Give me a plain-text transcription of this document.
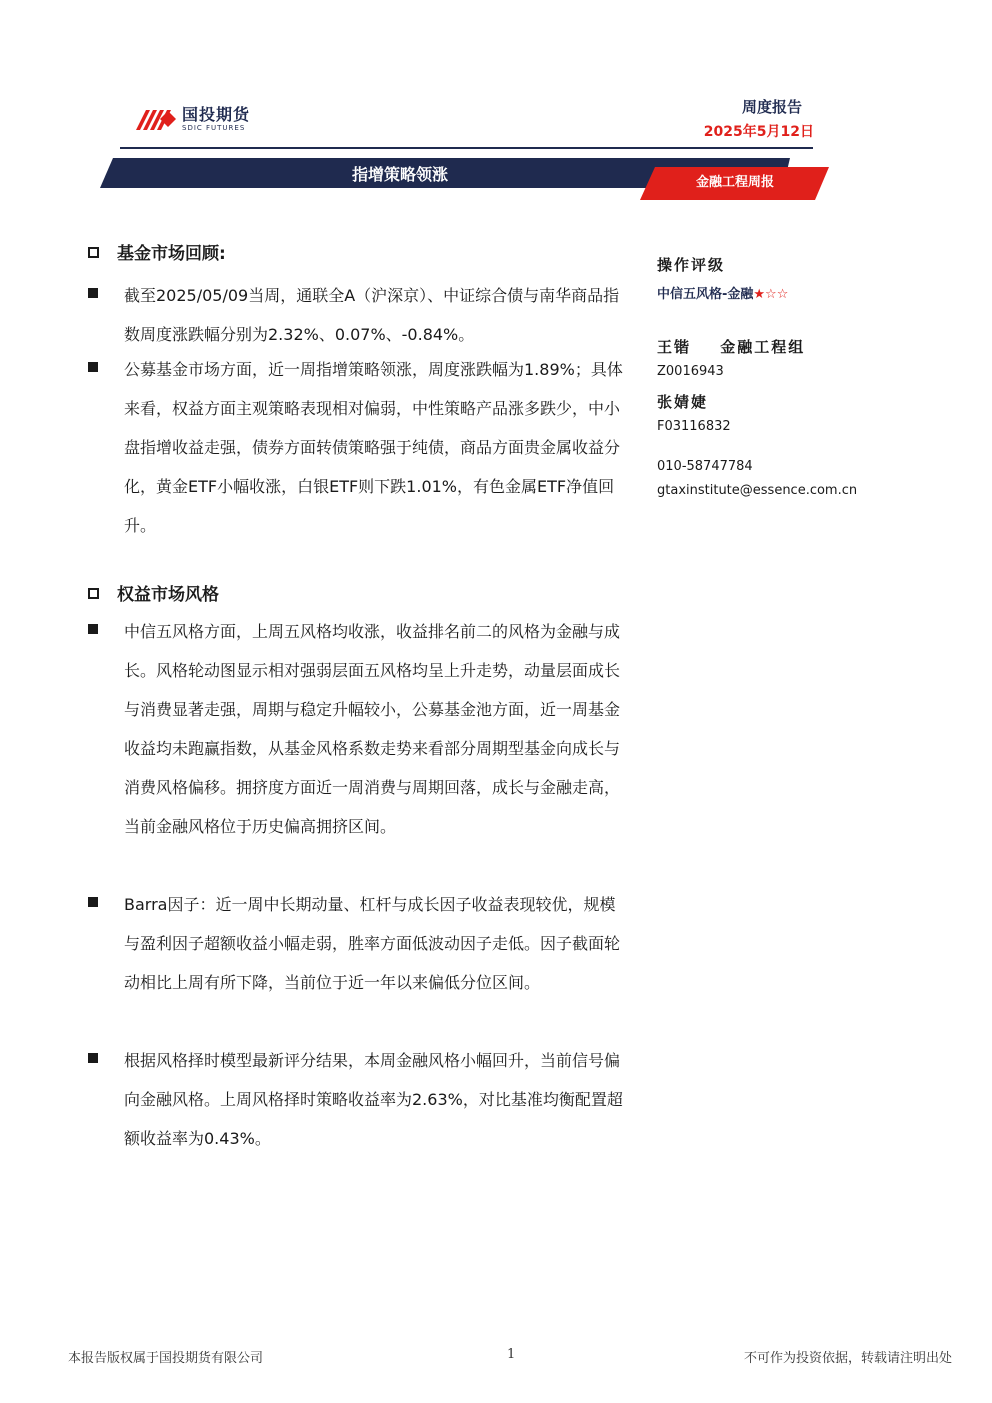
国投期货
SDIC FUTURES
周度报告
2025年5月12日
指增策略领涨	金融工程周报
基金市场回顾:
截至2025/05/09当周，通联全A（沪深京）、中证综合债与南华商品指数周度涨跌幅分别为2.32%、0.07%、-0.84%。
公募基金市场方面，近一周指增策略领涨，周度涨跌幅为1.89%；具体来看，权益方面主观策略表现相对偏弱，中性策略产品涨多跌少，中小盘指增收益走强，债券方面转债策略强于纯债，商品方面贵金属收益分化，黄金ETF小幅收涨，白银ETF则下跌1.01%，有色金属ETF净值回升。
权益市场风格
中信五风格方面，上周五风格均收涨，收益排名前二的风格为金融与成长。风格轮动图显示相对强弱层面五风格均呈上升走势，动量层面成长与消费显著走强，周期与稳定升幅较小，公募基金池方面，近一周基金收益均未跑赢指数，从基金风格系数走势来看部分周期型基金向成长与消费风格偏移。拥挤度方面近一周消费与周期回落，成长与金融走高，当前金融风格位于历史偏高拥挤区间。
Barra因子：近一周中长期动量、杠杆与成长因子收益表现较优，规模与盈利因子超额收益小幅走弱，胜率方面低波动因子走低。因子截面轮动相比上周有所下降，当前位于近一年以来偏低分位区间。
根据风格择时模型最新评分结果，本周金融风格小幅回升，当前信号偏向金融风格。上周风格择时策略收益率为2.63%，对比基准均衡配置超额收益率为0.43%。
操作评级
中信五风格-金融★☆☆
王锴 金融工程组
Z0016943
张婧婕
F03116832
010-58747784
gtaxinstitute@essence.com.cn
本报告版权属于国投期货有限公司	1	不可作为投资依据，转载请注明出处
